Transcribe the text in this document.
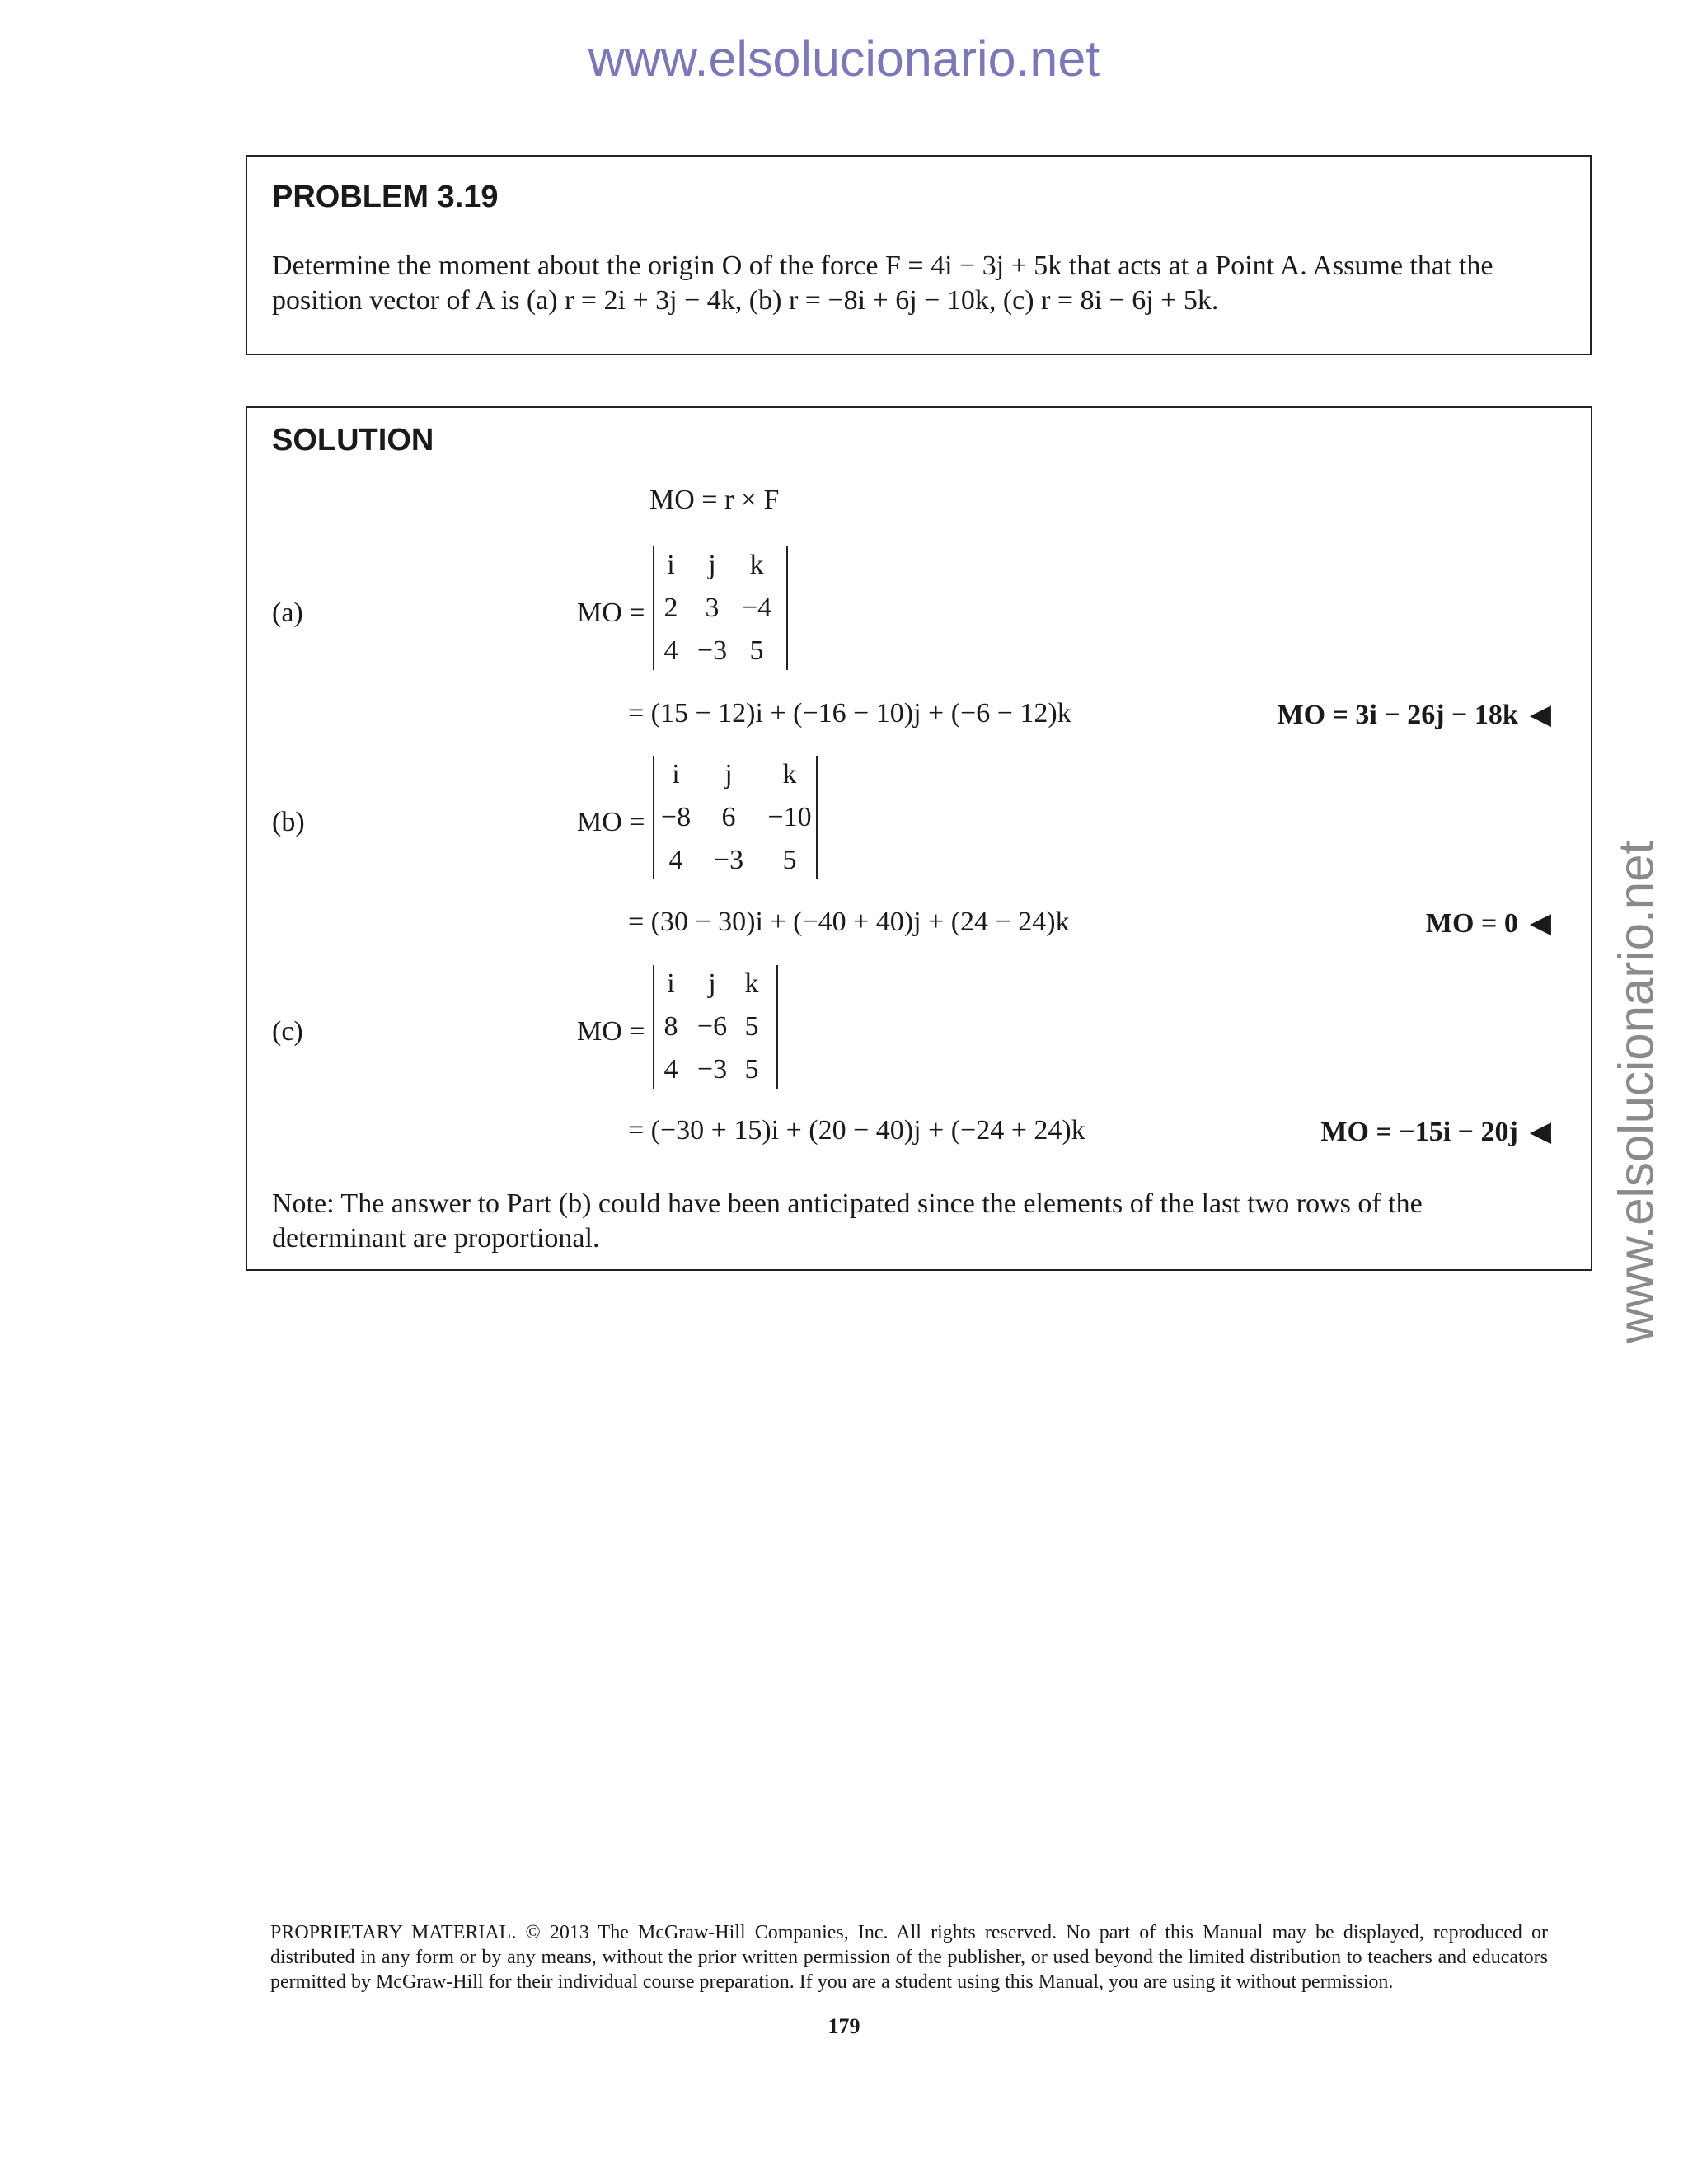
www.elsolucionario.net
www.elsolucionario.net
PROBLEM 3.19
Determine the moment about the origin O of the force F = 4i − 3j + 5k that acts at a Point A. Assume that the position vector of A is (a) r = 2i + 3j − 4k, (b) r = −8i + 6j − 10k, (c) r = 8i − 6j + 5k.
SOLUTION
MO = r × F
(a)	MO =
i	j	k
2 3 −4
4 −3 5
= (15 − 12)i + (−16 − 10)j + (−6 − 12)k	MO = 3i − 26j − 18k ◀
(b)	MO =
i	j	k
−8	6	−10
4	−3	5
= (30 − 30)i + (−40 + 40)j + (24 − 24)k	MO = 0 ◀
(c)	MO =
i	j	k
8 −6 5
4 −3 5
= (−30 + 15)i + (20 − 40)j + (−24 + 24)k	MO = −15i − 20j ◀
Note: The answer to Part (b) could have been anticipated since the elements of the last two rows of the determinant are proportional.
PROPRIETARY MATERIAL. © 2013 The McGraw-Hill Companies, Inc. All rights reserved. No part of this Manual may be displayed, reproduced or distributed in any form or by any means, without the prior written permission of the publisher, or used beyond the limited distribution to teachers and educators permitted by McGraw-Hill for their individual course preparation. If you are a student using this Manual, you are using it without permission.
179
